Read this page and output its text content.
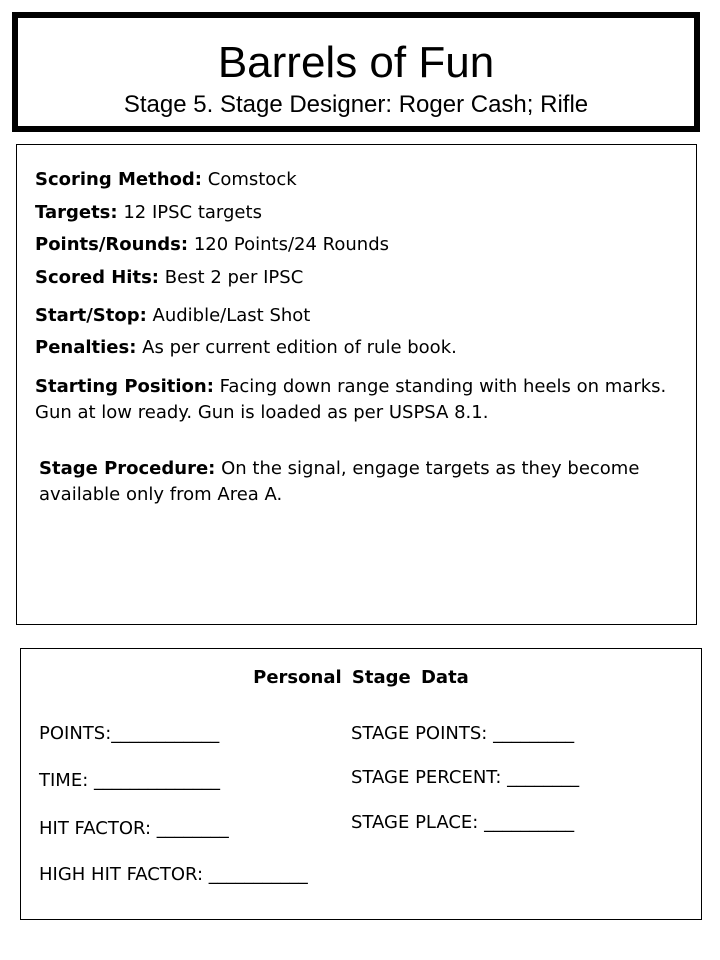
Barrels of Fun
Stage 5. Stage Designer: Roger Cash; Rifle
Scoring Method: Comstock
Targets: 12 IPSC targets
Points/Rounds: 120 Points/24 Rounds
Scored Hits: Best 2 per IPSC
Start/Stop: Audible/Last Shot
Penalties: As per current edition of rule book.
Starting Position: Facing down range standing with heels on marks. Gun at low ready. Gun is loaded as per USPSA 8.1.
Stage Procedure: On the signal, engage targets as they become available only from Area A.
Personal Stage Data
POINTS:____________
TIME: ______________
HIT FACTOR: ________
HIGH HIT FACTOR: ___________
STAGE POINTS: _________
STAGE PERCENT: ________
STAGE PLACE: __________
